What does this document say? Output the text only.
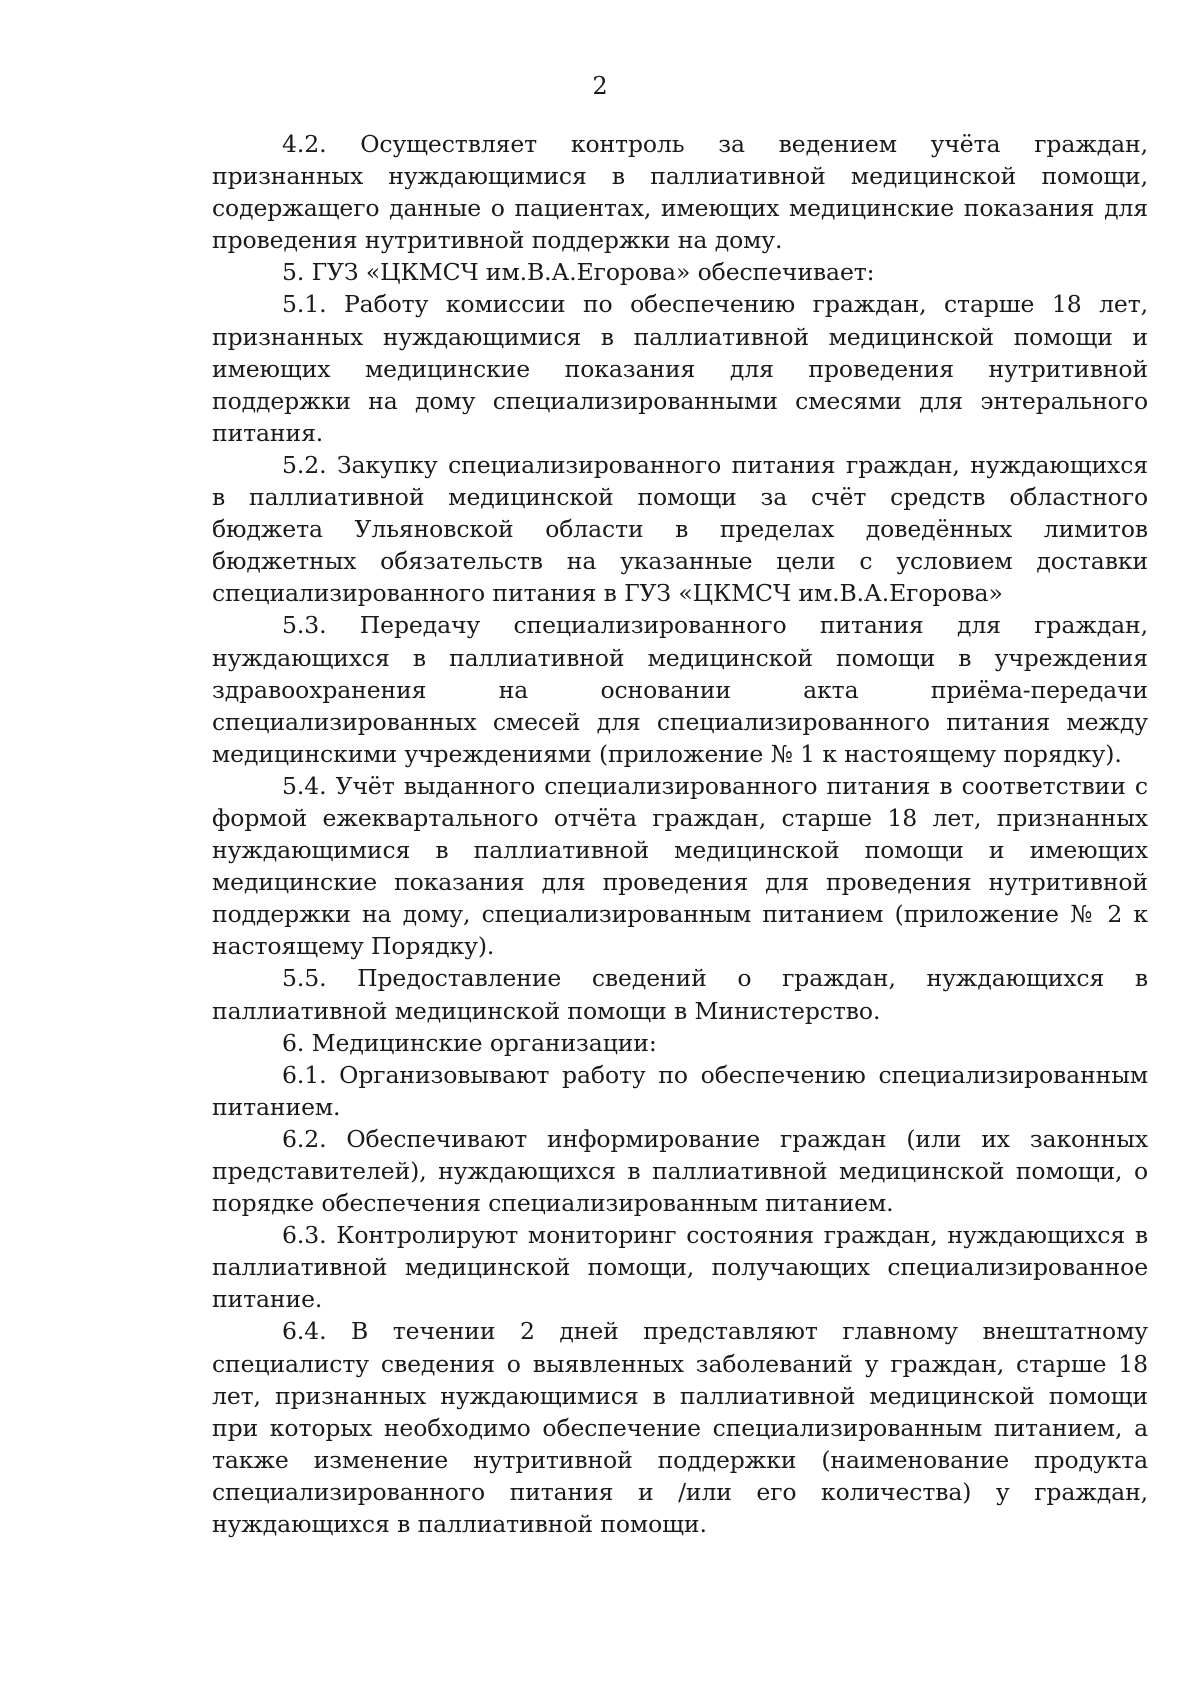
2

4.2. Осуществляет контроль за ведением учёта граждан, признанных нуждающимися в паллиативной медицинской помощи, содержащего данные о пациентах, имеющих медицинские показания для проведения нутритивной поддержки на дому.

5. ГУЗ «ЦКМСЧ им.В.А.Егорова» обеспечивает:

5.1. Работу комиссии по обеспечению граждан, старше 18 лет, признанных нуждающимися в паллиативной медицинской помощи и имеющих медицинские показания для проведения нутритивной поддержки на дому специализированными смесями для энтерального питания.

5.2. Закупку специализированного питания граждан, нуждающихся в паллиативной медицинской помощи за счёт средств областного бюджета Ульяновской области в пределах доведённых лимитов бюджетных обязательств на указанные цели с условием доставки специализированного питания в ГУЗ «ЦКМСЧ им.В.А.Егорова»

5.3. Передачу специализированного питания для граждан, нуждающихся в паллиативной медицинской помощи в учреждения здравоохранения на основании акта приёма-передачи специализированных смесей для специализированного питания между медицинскими учреждениями (приложение № 1 к настоящему порядку).

5.4. Учёт выданного специализированного питания в соответствии с формой ежеквартального отчёта граждан, старше 18 лет, признанных нуждающимися в паллиативной медицинской помощи и имеющих медицинские показания для проведения для проведения нутритивной поддержки на дому, специализированным питанием (приложение № 2 к настоящему Порядку).

5.5. Предоставление сведений о граждан, нуждающихся в паллиативной медицинской помощи в Министерство.

6. Медицинские организации:

6.1. Организовывают работу по обеспечению специализированным питанием.

6.2. Обеспечивают информирование граждан (или их законных представителей), нуждающихся в паллиативной медицинской помощи, о порядке обеспечения специализированным питанием.

6.3. Контролируют мониторинг состояния граждан, нуждающихся в паллиативной медицинской помощи, получающих специализированное питание.

6.4. В течении 2 дней представляют главному внештатному специалисту сведения о выявленных заболеваний у граждан, старше 18 лет, признанных нуждающимися в паллиативной медицинской помощи при которых необходимо обеспечение специализированным питанием, а также изменение нутритивной поддержки (наименование продукта специализированного питания и /или его количества) у граждан, нуждающихся в паллиативной помощи.
